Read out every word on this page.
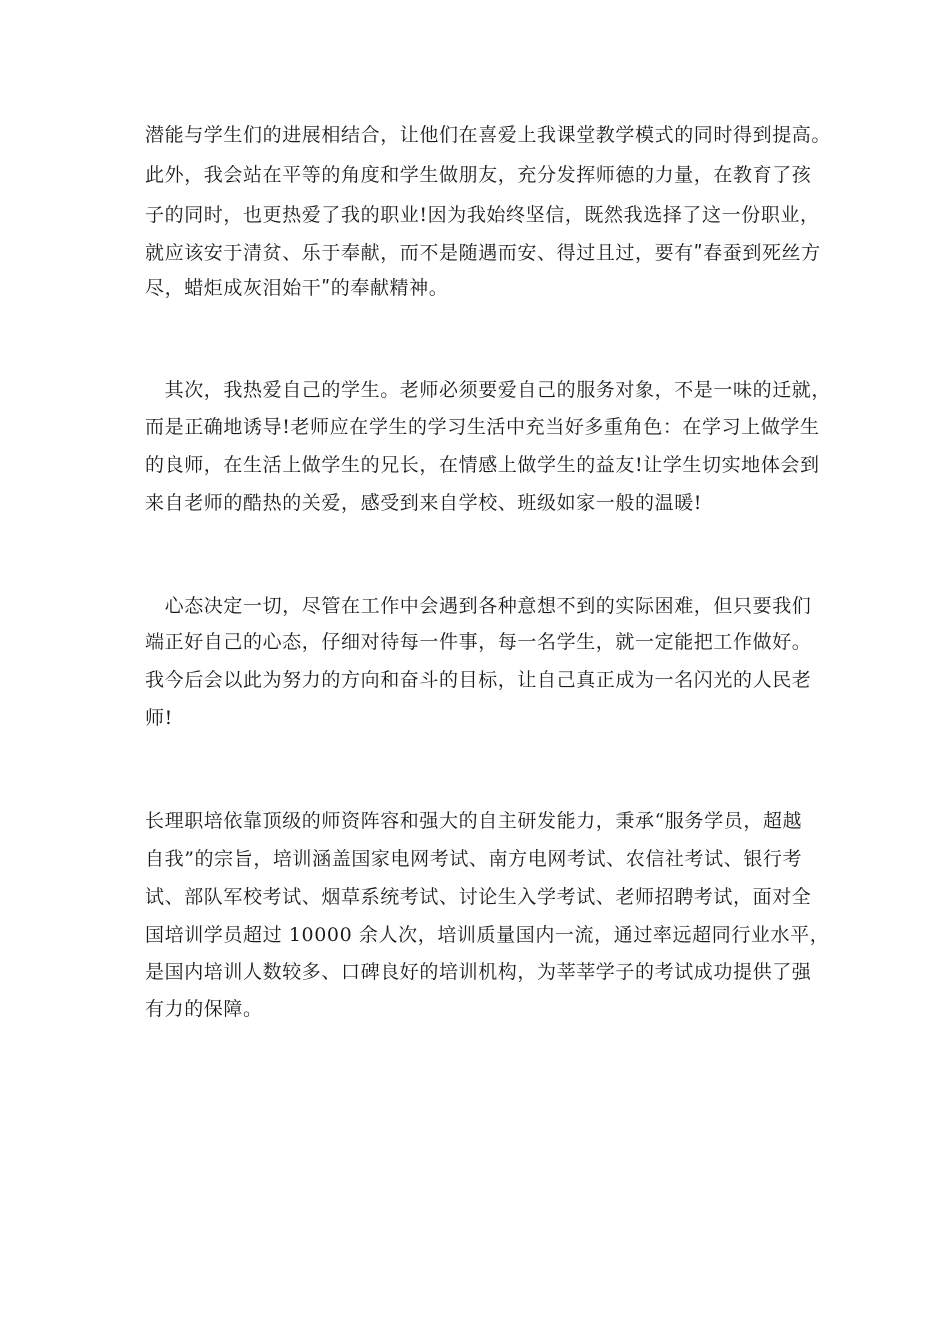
潜能与学生们的进展相结合，让他们在喜爱上我课堂教学模式的同时得到提高。
此外，我会站在平等的角度和学生做朋友，充分发挥师德的力量，在教育了孩
子的同时，也更热爱了我的职业!因为我始终坚信，既然我选择了这一份职业，
就应该安于清贫、乐于奉献，而不是随遇而安、得过且过，要有ʺ春蚕到死丝方
尽，蜡炬成灰泪始干ʺ的奉献精神。
　其次，我热爱自己的学生。老师必须要爱自己的服务对象，不是一味的迁就，
而是正确地诱导!老师应在学生的学习生活中充当好多重角色：在学习上做学生
的良师，在生活上做学生的兄长，在情感上做学生的益友!让学生切实地体会到
来自老师的酷热的关爱，感受到来自学校、班级如家一般的温暖!
　心态决定一切，尽管在工作中会遇到各种意想不到的实际困难，但只要我们
端正好自己的心态，仔细对待每一件事，每一名学生，就一定能把工作做好。
我今后会以此为努力的方向和奋斗的目标，让自己真正成为一名闪光的人民老
师!
长理职培依靠顶级的师资阵容和强大的自主研发能力，秉承“服务学员，超越
自我”的宗旨，培训涵盖国家电网考试、南方电网考试、农信社考试、银行考
试、部队军校考试、烟草系统考试、讨论生入学考试、老师招聘考试，面对全
国培训学员超过 10000 余人次，培训质量国内一流，通过率远超同行业水平，
是国内培训人数较多、口碑良好的培训机构，为莘莘学子的考试成功提供了强
有力的保障。
